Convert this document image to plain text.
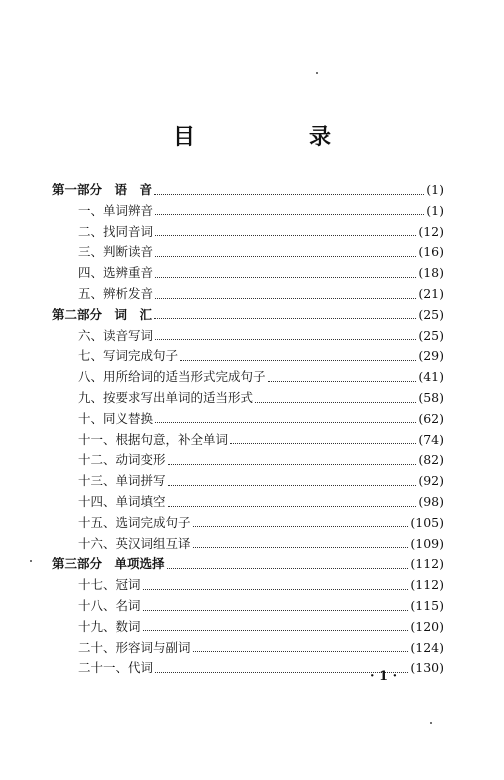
目　录
第一部分　语　音	(1)
一、单词辨音	(1)
二、找同音词	(12)
三、判断读音	(16)
四、选辨重音	(18)
五、辨析发音	(21)
第二部分　词　汇	(25)
六、读音写词	(25)
七、写词完成句子	(29)
八、用所给词的适当形式完成句子	(41)
九、按要求写出单词的适当形式	(58)
十、同义替换	(62)
十一、根据句意，补全单词	(74)
十二、动词变形	(82)
十三、单词拼写	(92)
十四、单词填空	(98)
十五、选词完成句子	(105)
十六、英汉词组互译	(109)
第三部分　单项选择	(112)
十七、冠词	(112)
十八、名词	(115)
十九、数词	(120)
二十、形容词与副词	(124)
二十一、代词	(130)
· 1 ·
